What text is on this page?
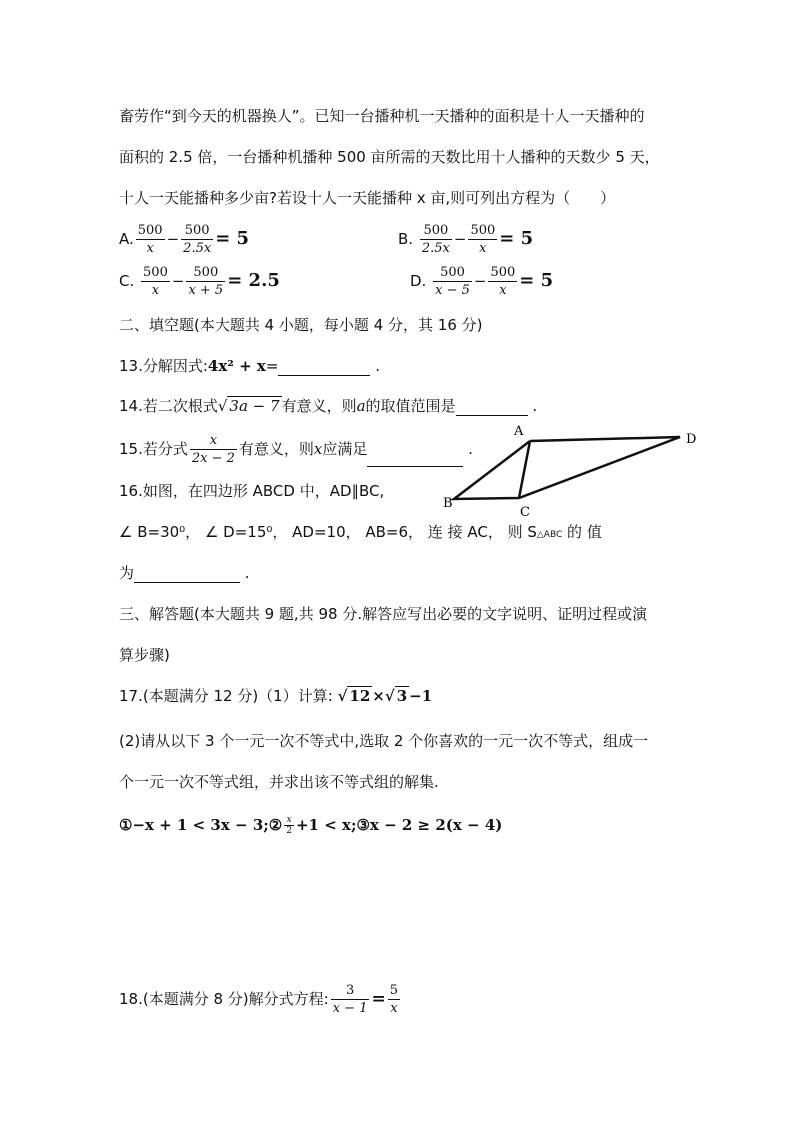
畜劳作“到今天的机器换人”。已知一台播种机一天播种的面积是十人一天播种的
面积的 2.5 倍，一台播种机播种 500 亩所需的天数比用十人播种的天数少 5 天，
十人一天能播种多少亩?若设十人一天能播种 x 亩,则可列出方程为（　　）
A. $\frac{500}{x} - \frac{500}{2.5x} = 5$	B. $\frac{500}{2.5x} - \frac{500}{x} = 5$
C. $\frac{500}{x} - \frac{500}{x + 5} = 2.5$	D. $\frac{500}{x - 5} - \frac{500}{x} = 5$
二、填空题(本大题共 4 小题，每小题 4 分，其 16 分)
13.分解因式:4x² + x=	.
14.若二次根式√ 3a − 7 有意义，则a的取值范围是	.
15.若分式 $\frac{x}{2x - 2}$ 有意义，则x应满足	.
16.如图，在四边形 ABCD 中，AD∥BC,
∠ B=30⁰， ∠ D=15⁰， AD=10， AB=6， 连 接 AC， 则 S△ABC 的 值
为	.
A
D
B
C
三、解答题(本大题共 9 题,共 98 分.解答应写出必要的文字说明、证明过程或演
算步骤)
17.(本题满分 12 分)（1）计算: √ 12 ×√ 3 −1
(2)请从以下 3 个一元一次不等式中,选取 2 个你喜欢的一元一次不等式，组成一
个一元一次不等式组，并求出该不等式组的解集.
①−x + 1 < 3x − 3;② $\frac{x}{2} +1$ < x;③x − 2 ≥ 2(x − 4)
18.(本题满分 8 分)解分式方程: $\frac{3}{x - 1} = \frac{5}{x}$
